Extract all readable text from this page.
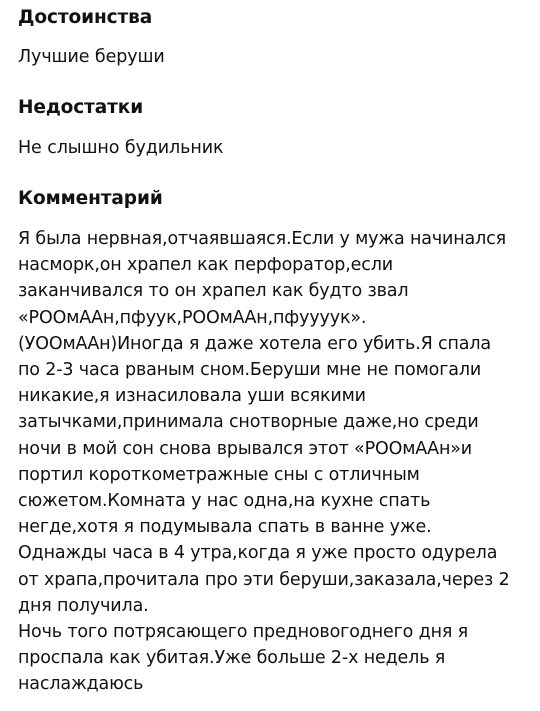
Достоинства

Лучшие беруши

Недостатки

Не слышно будильник

Комментарий
Я была нервная,отчаявшаяся.Если у мужа начинался
насморк,он храпел как перфоратор,если
заканчивался то он храпел как будто звал
«РООмААн,пфуук,РООмААн,пфуууук».
(УООмААн)Иногда я даже хотела его убить.Я спала
по 2-3 часа рваным сном.Беруши мне не помогали
никакие,я изнасиловала уши всякими
затычками,принимала снотворные даже,но среди
ночи в мой сон снова врывался этот «РООмААн»и
портил короткометражные сны с отличным
сюжетом.Комната у нас одна,на кухне спать
негде,хотя я подумывала спать в ванне уже.
Однажды часа в 4 утра,когда я уже просто одурела
от храпа,прочитала про эти беруши,заказала,через 2
дня получила.
Ночь того потрясающего предновогоднего дня я
проспала как убитая.Уже больше 2-х недель я
наслаждаюсь
